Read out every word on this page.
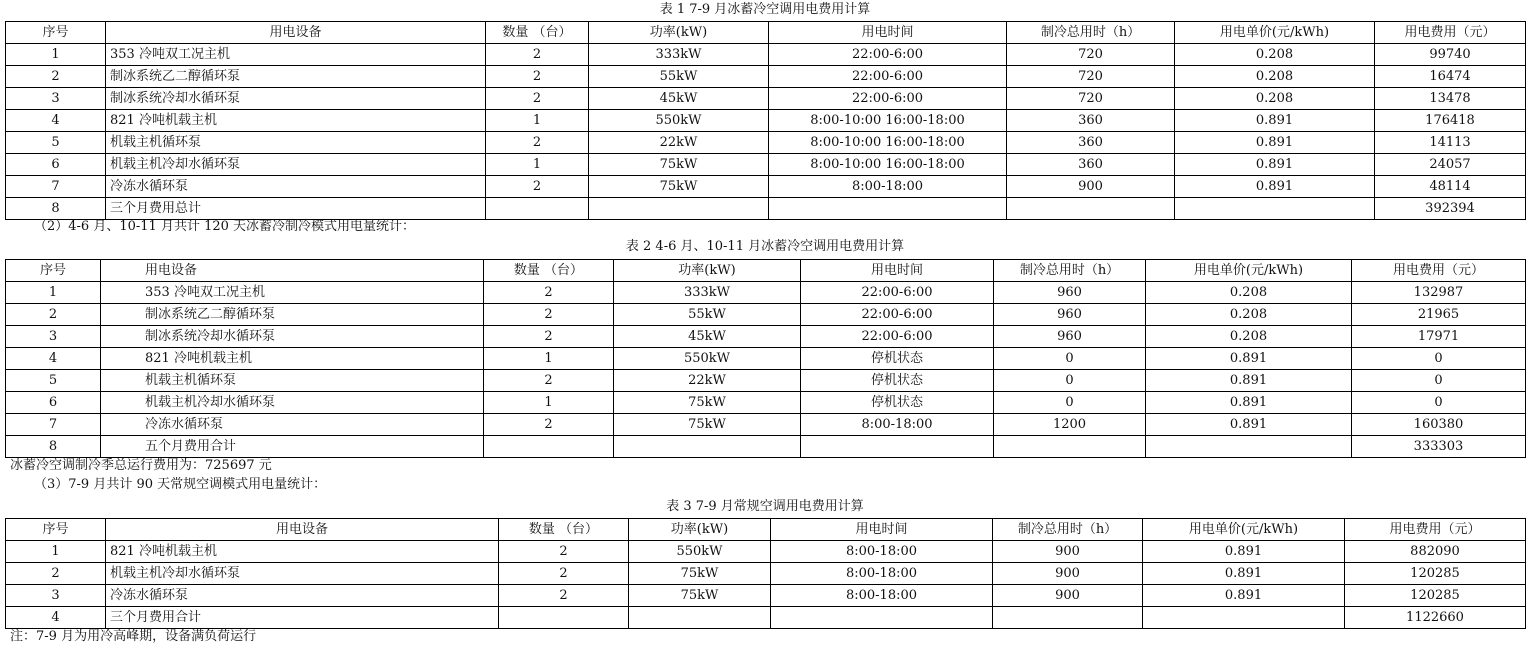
表 1 7-9 月冰蓄冷空调用电费用计算
序号	用电设备	数量 （台）	功率(kW)	用电时间	制冷总用时（h）	用电单价(元/kWh)	用电费用（元）
1	353 冷吨双工况主机	2	333kW	22:00-6:00	720	0.208	99740
2	制冰系统乙二醇循环泵	2	55kW	22:00-6:00	720	0.208	16474
3	制冰系统冷却水循环泵	2	45kW	22:00-6:00	720	0.208	13478
4	821 冷吨机载主机	1	550kW	8:00-10:00 16:00-18:00	360	0.891	176418
5	机载主机循环泵	2	22kW	8:00-10:00 16:00-18:00	360	0.891	14113
6	机载主机冷却水循环泵	1	75kW	8:00-10:00 16:00-18:00	360	0.891	24057
7	冷冻水循环泵	2	75kW	8:00-18:00	900	0.891	48114
8	三个月费用总计						392394
（2）4-6 月、10-11 月共计 120 天冰蓄冷制冷模式用电量统计：
表 2 4-6 月、10-11 月冰蓄冷空调用电费用计算
序号	用电设备	数量 （台）	功率(kW)	用电时间	制冷总用时（h）	用电单价(元/kWh)	用电费用（元）
1	353 冷吨双工况主机	2	333kW	22:00-6:00	960	0.208	132987
2	制冰系统乙二醇循环泵	2	55kW	22:00-6:00	960	0.208	21965
3	制冰系统冷却水循环泵	2	45kW	22:00-6:00	960	0.208	17971
4	821 冷吨机载主机	1	550kW	停机状态	0	0.891	0
5	机载主机循环泵	2	22kW	停机状态	0	0.891	0
6	机载主机冷却水循环泵	1	75kW	停机状态	0	0.891	0
7	冷冻水循环泵	2	75kW	8:00-18:00	1200	0.891	160380
8	五个月费用合计						333303
冰蓄冷空调制冷季总运行费用为：725697 元
（3）7-9 月共计 90 天常规空调模式用电量统计：
表 3 7-9 月常规空调用电费用计算
序号	用电设备	数量 （台）	功率(kW)	用电时间	制冷总用时（h）	用电单价(元/kWh)	用电费用（元）
1	821 冷吨机载主机	2	550kW	8:00-18:00	900	0.891	882090
2	机载主机冷却水循环泵	2	75kW	8:00-18:00	900	0.891	120285
3	冷冻水循环泵	2	75kW	8:00-18:00	900	0.891	120285
4	三个月费用合计						1122660
注：7-9 月为用冷高峰期，设备满负荷运行
